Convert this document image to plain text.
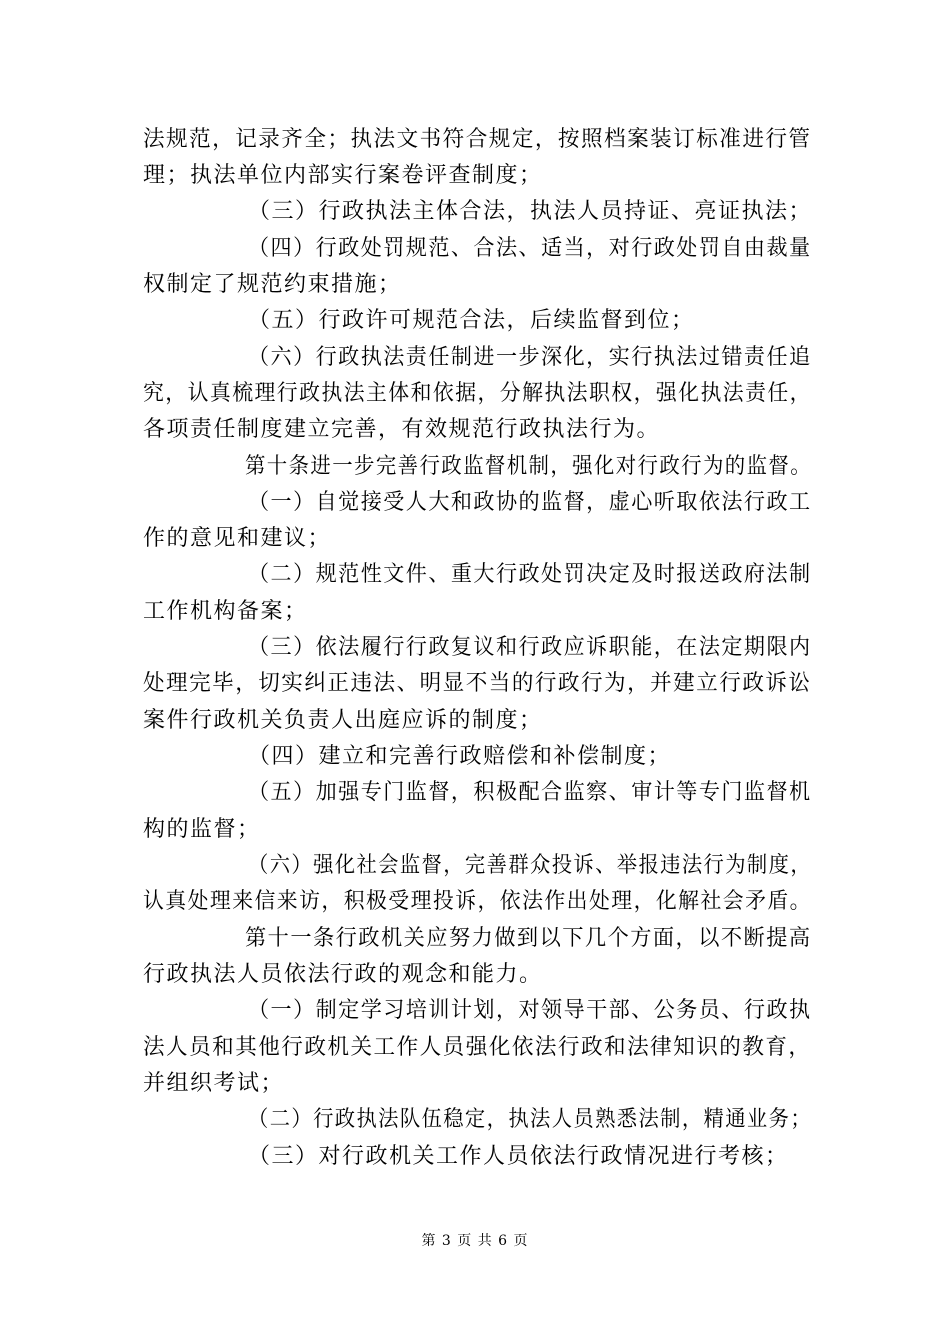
法规范，记录齐全；执法文书符合规定，按照档案装订标准进行管
理；执法单位内部实行案卷评查制度；
（三）行政执法主体合法，执法人员持证、亮证执法；
（四）行政处罚规范、合法、适当，对行政处罚自由裁量
权制定了规范约束措施；
（五）行政许可规范合法，后续监督到位；
（六）行政执法责任制进一步深化，实行执法过错责任追
究，认真梳理行政执法主体和依据，分解执法职权，强化执法责任，
各项责任制度建立完善，有效规范行政执法行为。
第十条进一步完善行政监督机制，强化对行政行为的监督。
（一）自觉接受人大和政协的监督，虚心听取依法行政工
作的意见和建议；
（二）规范性文件、重大行政处罚决定及时报送政府法制
工作机构备案；
（三）依法履行行政复议和行政应诉职能，在法定期限内
处理完毕，切实纠正违法、明显不当的行政行为，并建立行政诉讼
案件行政机关负责人出庭应诉的制度；
（四）建立和完善行政赔偿和补偿制度；
（五）加强专门监督，积极配合监察、审计等专门监督机
构的监督；
（六）强化社会监督，完善群众投诉、举报违法行为制度，
认真处理来信来访，积极受理投诉，依法作出处理，化解社会矛盾。
第十一条行政机关应努力做到以下几个方面，以不断提高
行政执法人员依法行政的观念和能力。
（一）制定学习培训计划，对领导干部、公务员、行政执
法人员和其他行政机关工作人员强化依法行政和法律知识的教育，
并组织考试；
（二）行政执法队伍稳定，执法人员熟悉法制，精通业务；
（三）对行政机关工作人员依法行政情况进行考核；
第 3 页 共 6 页
